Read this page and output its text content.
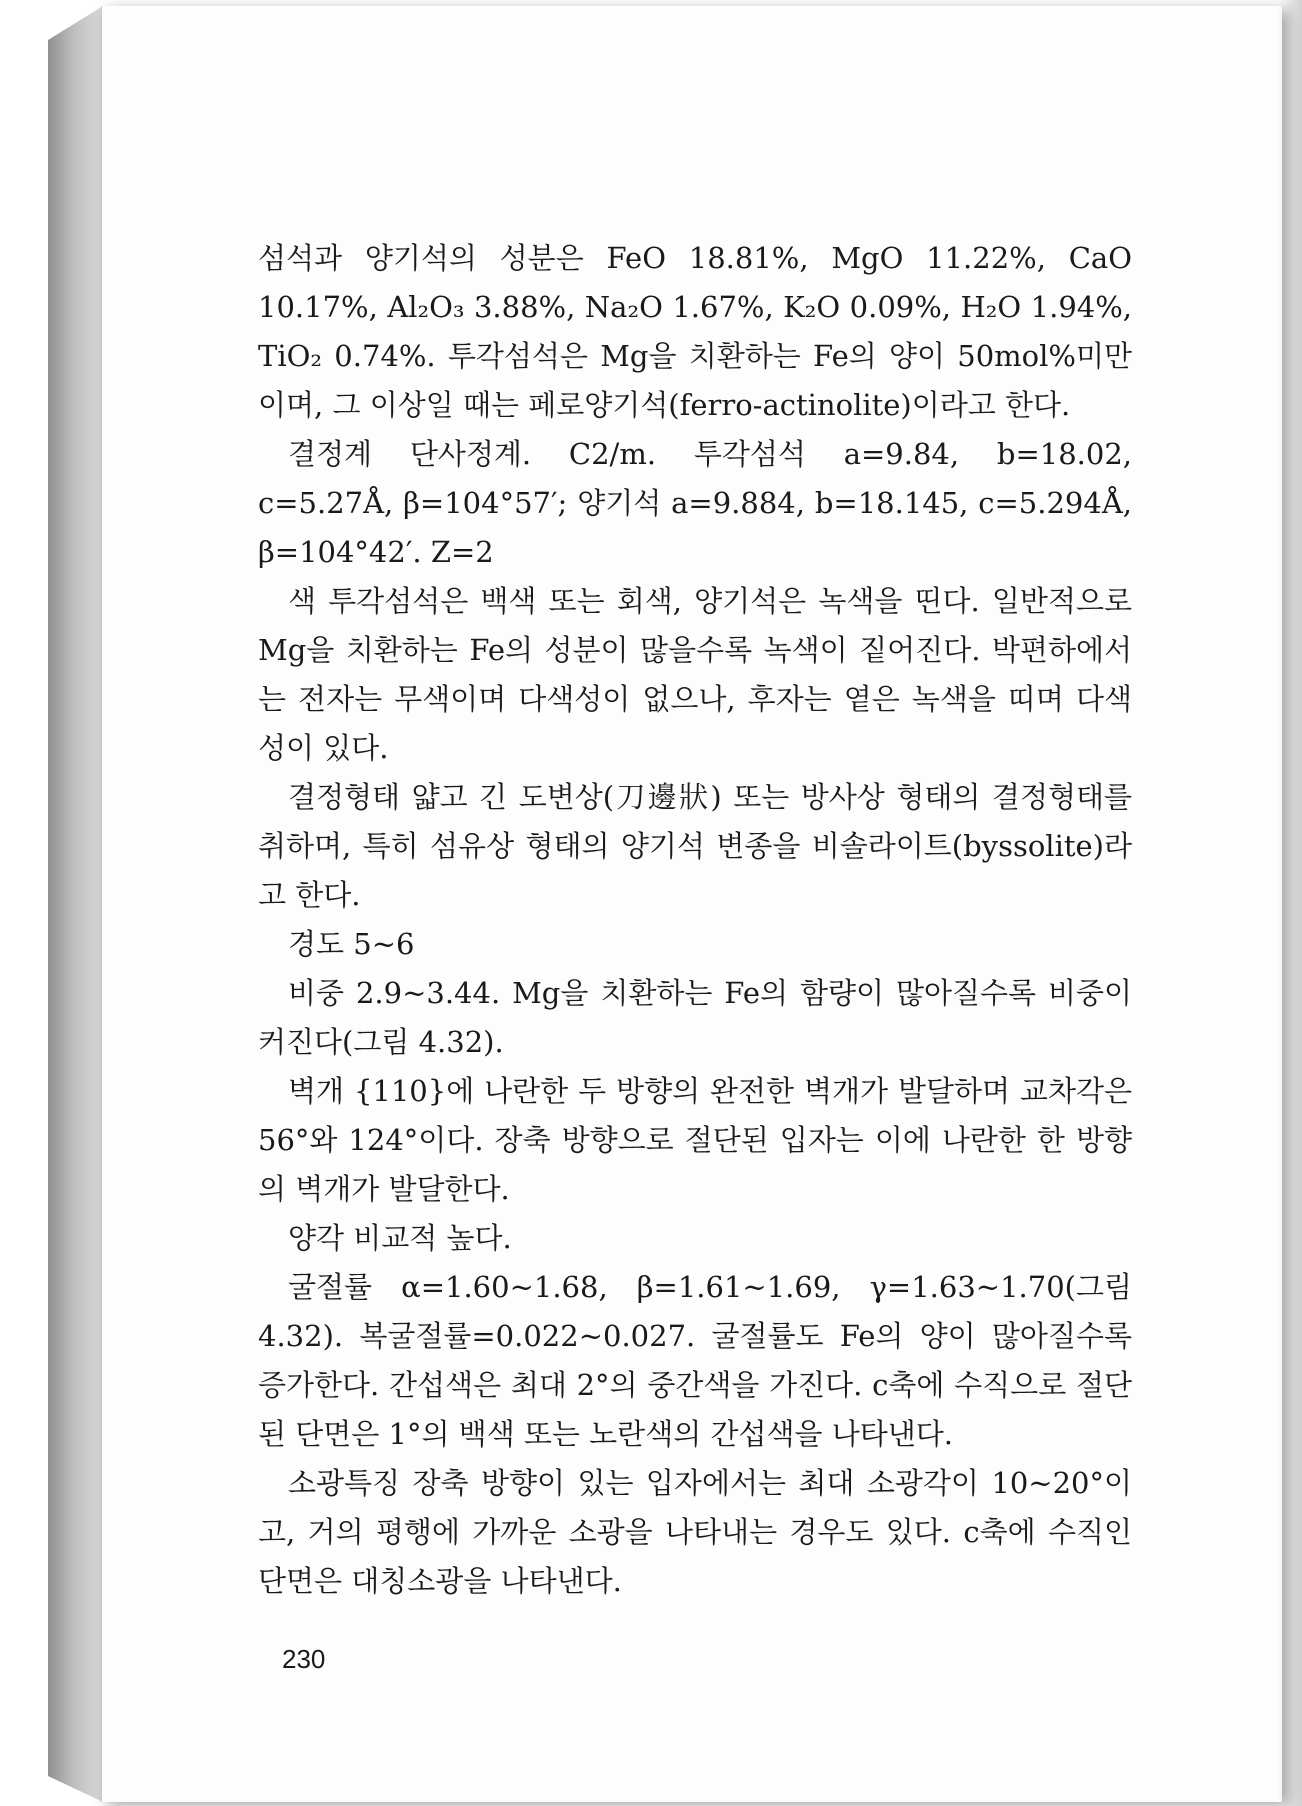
섬석과 양기석의 성분은 FeO 18.81%, MgO 11.22%, CaO 10.17%, Al₂O₃ 3.88%, Na₂O 1.67%, K₂O 0.09%, H₂O 1.94%, TiO₂ 0.74%. 투각섬석은 Mg을 치환하는 Fe의 양이 50mol%미만이며, 그 이상일 때는 페로양기석(ferro-actinolite)이라고 한다.

결정계 단사정계. C2/m. 투각섬석 a=9.84, b=18.02, c=5.27Å, β=104°57′; 양기석 a=9.884, b=18.145, c=5.294Å, β=104°42′. Z=2

색 투각섬석은 백색 또는 회색, 양기석은 녹색을 띤다. 일반적으로 Mg을 치환하는 Fe의 성분이 많을수록 녹색이 짙어진다. 박편하에서는 전자는 무색이며 다색성이 없으나, 후자는 옅은 녹색을 띠며 다색성이 있다.

결정형태 얇고 긴 도변상(刀邊狀) 또는 방사상 형태의 결정형태를 취하며, 특히 섬유상 형태의 양기석 변종을 비솔라이트(byssolite)라고 한다.

경도 5~6

비중 2.9~3.44. Mg을 치환하는 Fe의 함량이 많아질수록 비중이 커진다(그림 4.32).

벽개 {110}에 나란한 두 방향의 완전한 벽개가 발달하며 교차각은 56°와 124°이다. 장축 방향으로 절단된 입자는 이에 나란한 한 방향의 벽개가 발달한다.

양각 비교적 높다.

굴절률 α=1.60~1.68, β=1.61~1.69, γ=1.63~1.70(그림 4.32). 복굴절률=0.022~0.027. 굴절률도 Fe의 양이 많아질수록 증가한다. 간섭색은 최대 2°의 중간색을 가진다. c축에 수직으로 절단된 단면은 1°의 백색 또는 노란색의 간섭색을 나타낸다.

소광특징 장축 방향이 있는 입자에서는 최대 소광각이 10~20°이고, 거의 평행에 가까운 소광을 나타내는 경우도 있다. c축에 수직인 단면은 대칭소광을 나타낸다.

230
